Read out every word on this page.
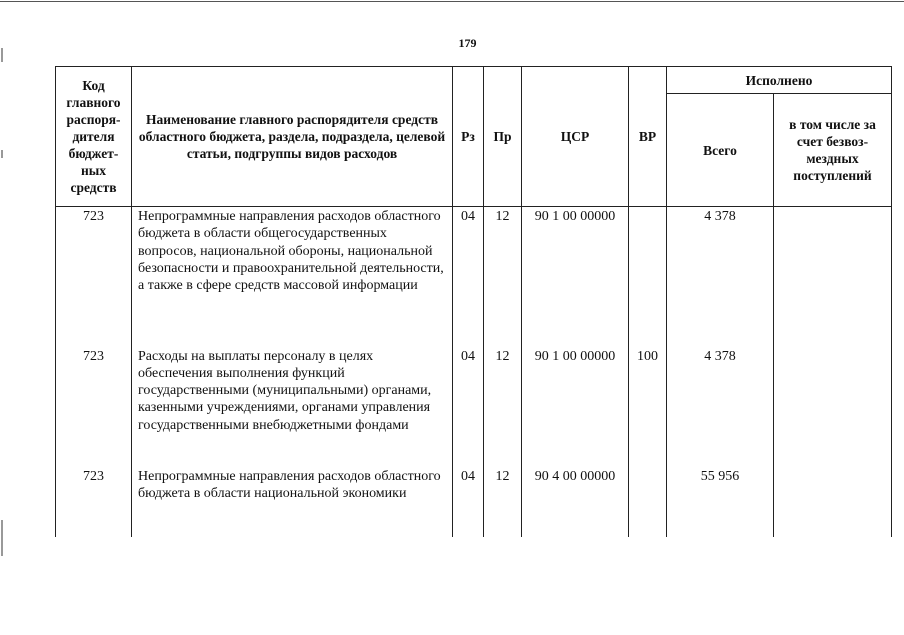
179
Код главного распоря-дителя бюджет-ных средств	Наименование главного распорядителя средств областного бюджета, раздела, подраздела, целевой статьи, подгруппы видов расходов	Рз	Пр	ЦСР	ВР	Исполнено	
						Всего	в том числе за счет безвоз-мездных поступлений
723	Непрограммные направления расходов областного бюджета в области общегосударственных вопросов, национальной обороны, национальной безопасности и правоохранительной деятельности, а также в сфере средств массовой информации	04	12	90 1 00 00000		4 378	
723	Расходы на выплаты персоналу в целях обеспечения выполнения функций государственными (муниципальными) органами, казенными учреждениями, органами управления государственными внебюджетными фондами	04	12	90 1 00 00000	100	4 378	
723	Непрограммные направления расходов областного бюджета в области национальной экономики	04	12	90 4 00 00000		55 956	
